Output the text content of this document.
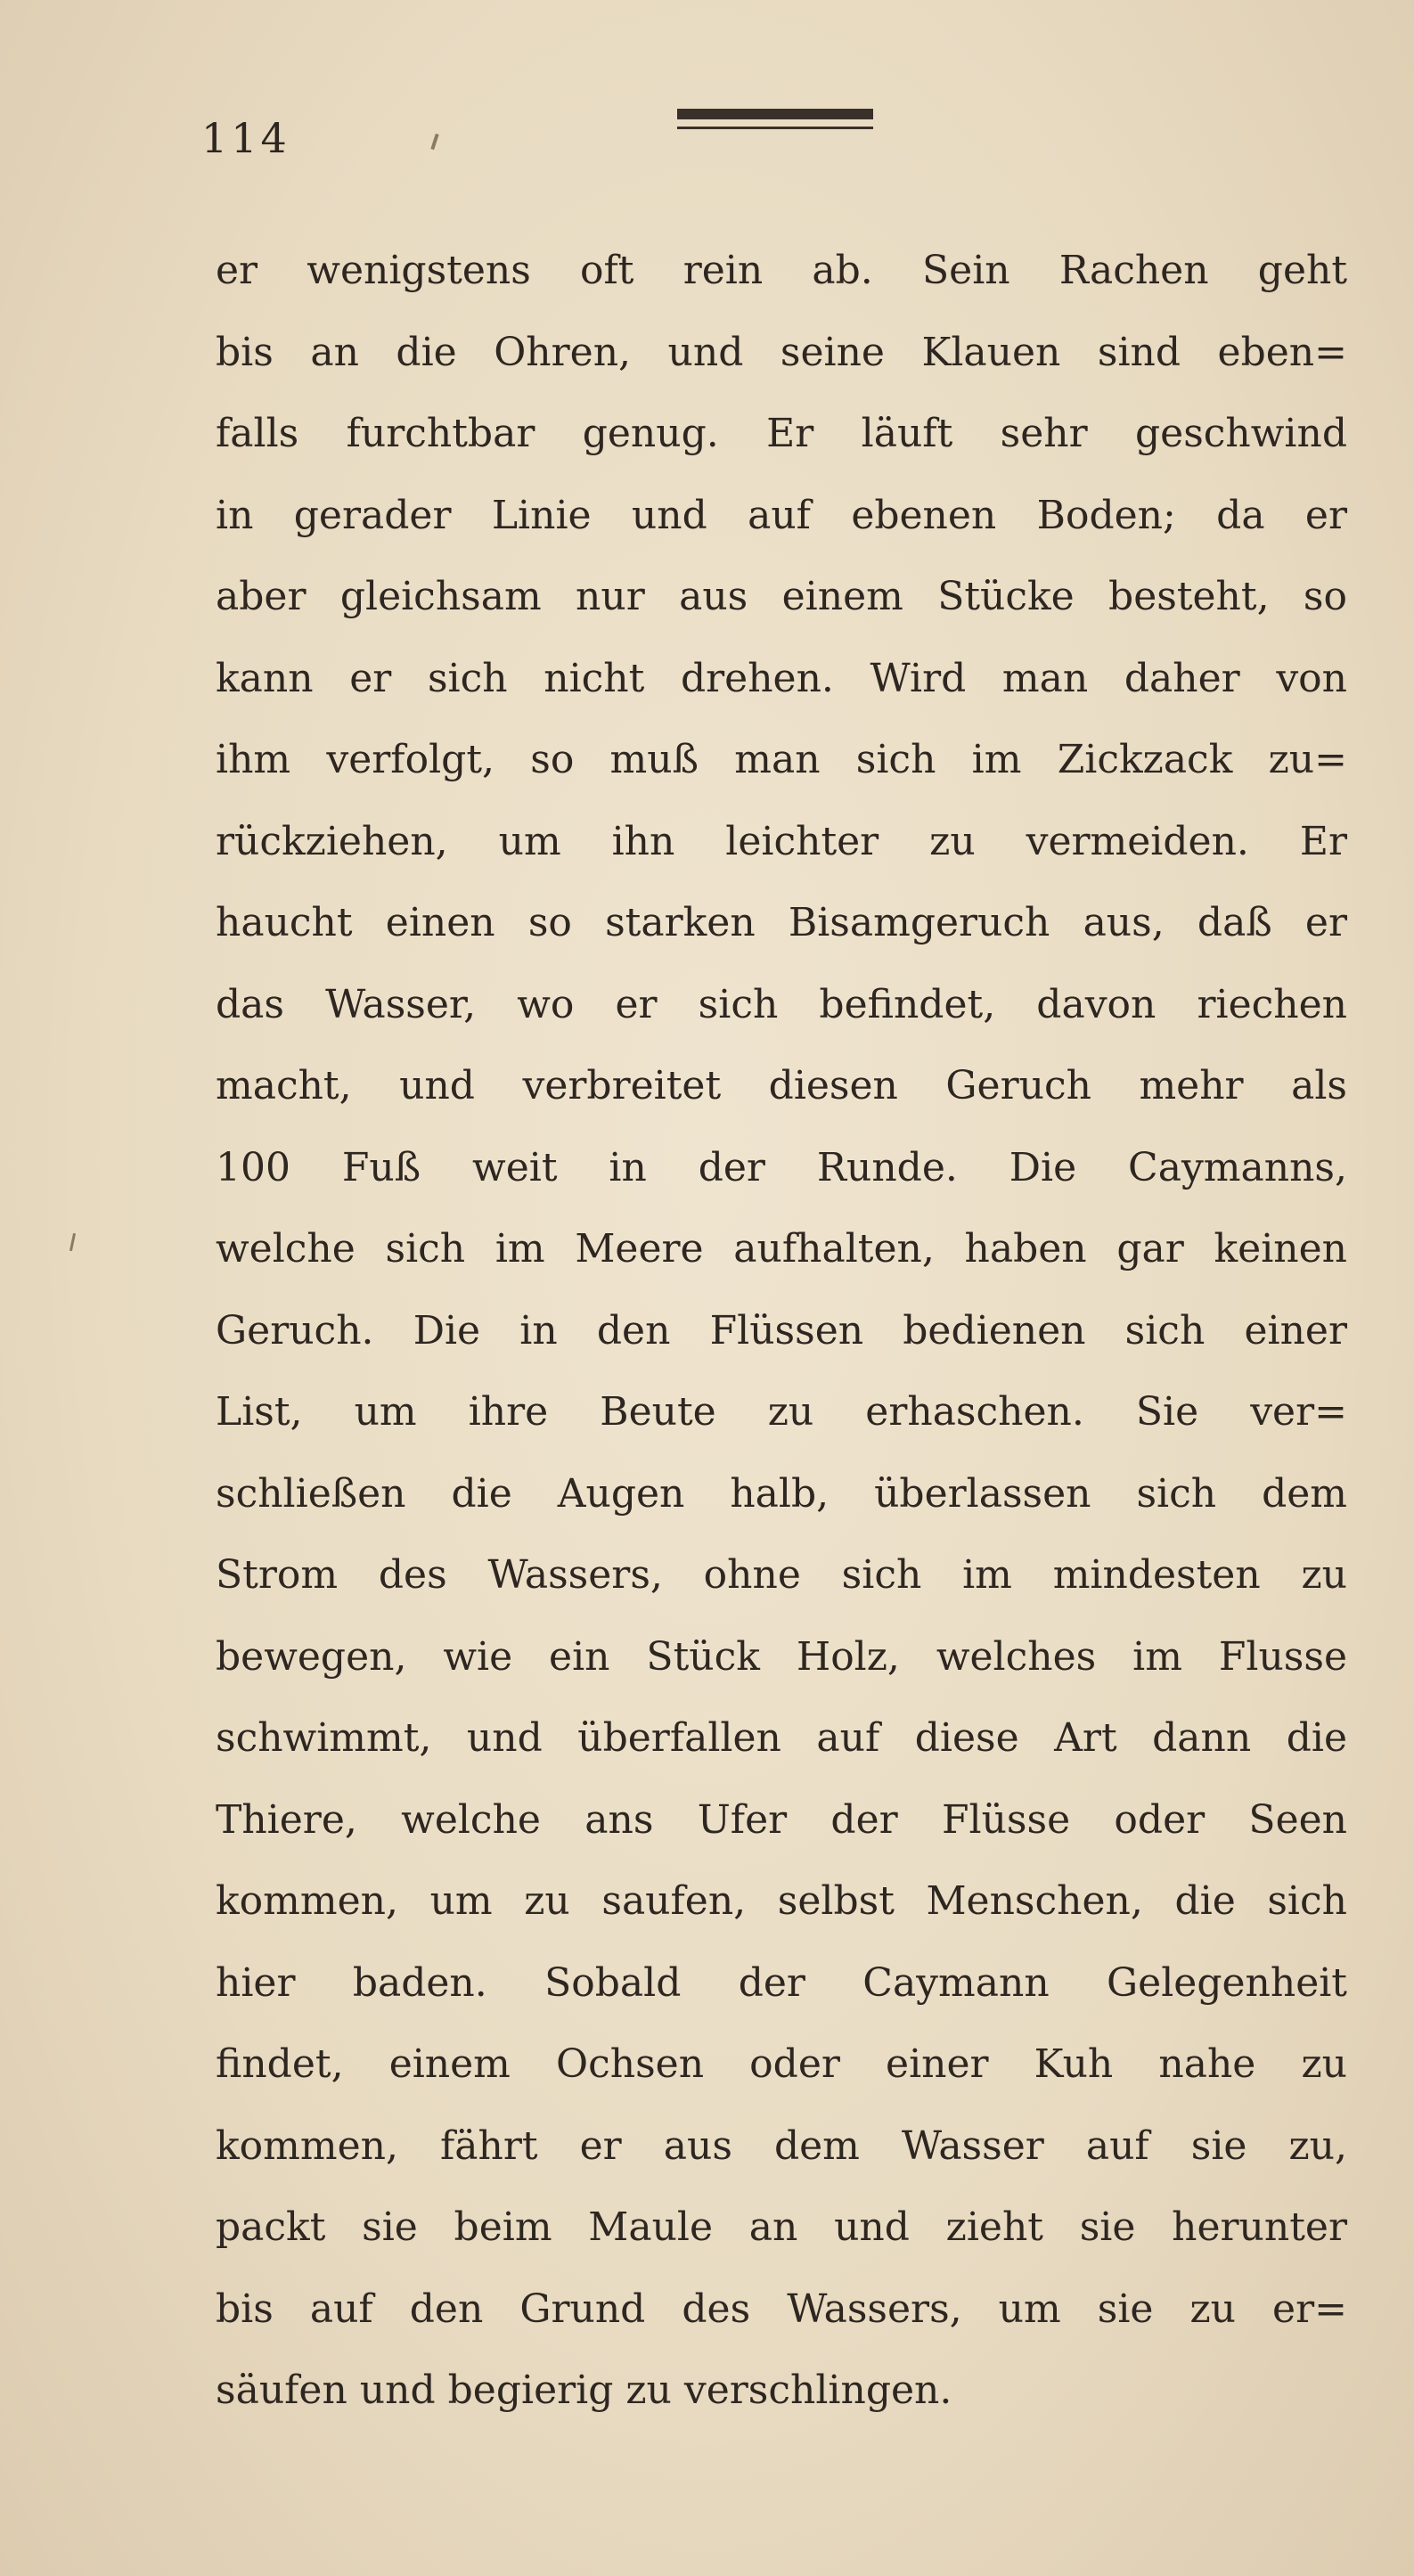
114
er wenigstens oft rein ab. Sein Rachen geht
bis an die Ohren, und seine Klauen sind eben=
falls furchtbar genug. Er läuft sehr geschwind
in gerader Linie und auf ebenen Boden; da er
aber gleichsam nur aus einem Stücke besteht, so
kann er sich nicht drehen. Wird man daher von
ihm verfolgt, so muß man sich im Zickzack zu=
rückziehen, um ihn leichter zu vermeiden. Er
haucht einen so starken Bisamgeruch aus, daß er
das Wasser, wo er sich befindet, davon riechen
macht, und verbreitet diesen Geruch mehr als
100 Fuß weit in der Runde. Die Caymanns,
welche sich im Meere aufhalten, haben gar keinen
Geruch. Die in den Flüssen bedienen sich einer
List, um ihre Beute zu erhaschen. Sie ver=
schließen die Augen halb, überlassen sich dem
Strom des Wassers, ohne sich im mindesten zu
bewegen, wie ein Stück Holz, welches im Flusse
schwimmt, und überfallen auf diese Art dann die
Thiere, welche ans Ufer der Flüsse oder Seen
kommen, um zu saufen, selbst Menschen, die sich
hier baden. Sobald der Caymann Gelegenheit
findet, einem Ochsen oder einer Kuh nahe zu
kommen, fährt er aus dem Wasser auf sie zu,
packt sie beim Maule an und zieht sie herunter
bis auf den Grund des Wassers, um sie zu er=
säufen und begierig zu verschlingen.
